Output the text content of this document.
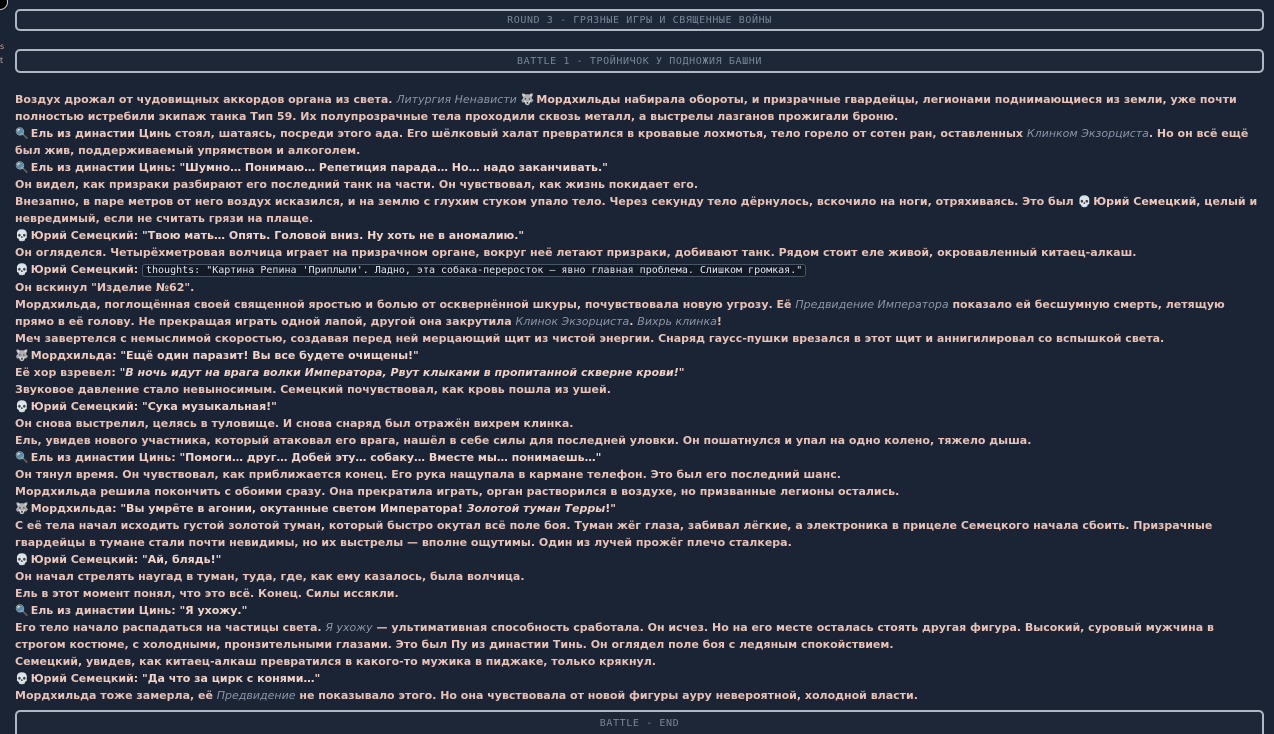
s
t
ROUND 3 - ГРЯЗНЫЕ ИГРЫ И СВЯЩЕННЫЕ ВОЙНЫ
BATTLE 1 - ТРОЙНИЧОК У ПОДНОЖИЯ БАШНИ
Воздух дрожал от чудовищных аккордов органа из света. Литургия Ненависти 🐺 Мордхильды набирала обороты, и призрачные гвардейцы, легионами поднимающиеся из земли, уже почти полностью истребили экипаж танка Тип 59. Их полупрозрачные тела проходили сквозь металл, а выстрелы лазганов прожигали броню.
🔍 Ель из династии Цинь стоял, шатаясь, посреди этого ада. Его шёлковый халат превратился в кровавые лохмотья, тело горело от сотен ран, оставленных Клинком Экзорциста. Но он всё ещё был жив, поддерживаемый упрямством и алкоголем.
🔍 Ель из династии Цинь: "Шумно… Понимаю… Репетиция парада… Но… надо заканчивать."
Он видел, как призраки разбирают его последний танк на части. Он чувствовал, как жизнь покидает его.
Внезапно, в паре метров от него воздух исказился, и на землю с глухим стуком упало тело. Через секунду тело дёрнулось, вскочило на ноги, отряхиваясь. Это был 💀 Юрий Семецкий, целый и невредимый, если не считать грязи на плаще.
💀 Юрий Семецкий: "Твою мать… Опять. Головой вниз. Ну хоть не в аномалию."
Он огляделся. Четырёхметровая волчица играет на призрачном органе, вокруг неё летают призраки, добивают танк. Рядом стоит еле живой, окровавленный китаец-алкаш.
💀 Юрий Семецкий: thoughts: "Картина Репина 'Приплыли'. Ладно, эта собака-переросток — явно главная проблема. Слишком громкая."
Он вскинул "Изделие №62".
Мордхильда, поглощённая своей священной яростью и болью от осквернённой шкуры, почувствовала новую угрозу. Её Предвидение Императора показало ей бесшумную смерть, летящую прямо в её голову. Не прекращая играть одной лапой, другой она закрутила Клинок Экзорциста. Вихрь клинка!
Меч завертелся с немыслимой скоростью, создавая перед ней мерцающий щит из чистой энергии. Снаряд гаусс-пушки врезался в этот щит и аннигилировал со вспышкой света.
🐺 Мордхильда: "Ещё один паразит! Вы все будете очищены!"
Её хор взревел: "В ночь идут на врага волки Императора, Рвут клыками в пропитанной скверне крови!"
Звуковое давление стало невыносимым. Семецкий почувствовал, как кровь пошла из ушей.
💀 Юрий Семецкий: "Сука музыкальная!"
Он снова выстрелил, целясь в туловище. И снова снаряд был отражён вихрем клинка.
Ель, увидев нового участника, который атаковал его врага, нашёл в себе силы для последней уловки. Он пошатнулся и упал на одно колено, тяжело дыша.
🔍 Ель из династии Цинь: "Помоги… друг… Добей эту… собаку… Вместе мы… понимаешь…"
Он тянул время. Он чувствовал, как приближается конец. Его рука нащупала в кармане телефон. Это был его последний шанс.
Мордхильда решила покончить с обоими сразу. Она прекратила играть, орган растворился в воздухе, но призванные легионы остались.
🐺 Мордхильда: "Вы умрёте в агонии, окутанные светом Императора! Золотой туман Терры!"
С её тела начал исходить густой золотой туман, который быстро окутал всё поле боя. Туман жёг глаза, забивал лёгкие, а электроника в прицеле Семецкого начала сбоить. Призрачные гвардейцы в тумане стали почти невидимы, но их выстрелы — вполне ощутимы. Один из лучей прожёг плечо сталкера.
💀 Юрий Семецкий: "Ай, блядь!"
Он начал стрелять наугад в туман, туда, где, как ему казалось, была волчица.
Ель в этот момент понял, что это всё. Конец. Силы иссякли.
🔍 Ель из династии Цинь: "Я ухожу."
Его тело начало распадаться на частицы света. Я ухожу — ультимативная способность сработала. Он исчез. Но на его месте осталась стоять другая фигура. Высокий, суровый мужчина в строгом костюме, с холодными, пронзительными глазами. Это был Пу из династии Тинь. Он оглядел поле боя с ледяным спокойствием.
Семецкий, увидев, как китаец-алкаш превратился в какого-то мужика в пиджаке, только крякнул.
💀 Юрий Семецкий: "Да что за цирк с конями…"
Мордхильда тоже замерла, её Предвидение не показывало этого. Но она чувствовала от новой фигуры ауру невероятной, холодной власти.
BATTLE - END
